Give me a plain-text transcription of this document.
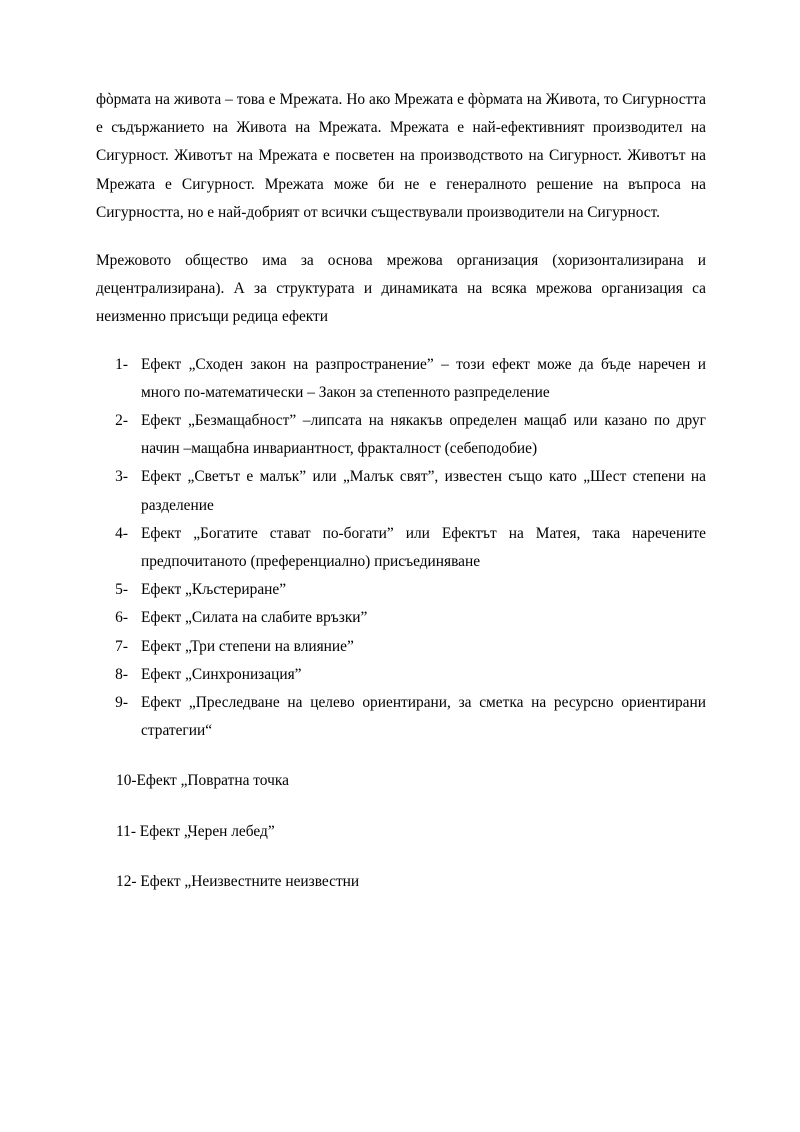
фòрмата на живота – това е Мрежата. Но ако Мрежата е фòрмата на Живота, то Сигурността е съдържанието на Живота на Мрежата. Мрежата е най-ефективният производител на Сигурност. Животът на Мрежата е посветен на производството на Сигурност. Животът на Мрежата е Сигурност. Мрежата може би не е генералното решение на въпроса на Сигурността, но е най-добрият от всички съществували производители на Сигурност.

Мрежовото общество има за основа мрежова организация (хоризонтализирана и децентрализирана). А за структурата и динамиката на всяка мрежова организация са неизменно присъщи редица ефекти

1- Ефект „Сходен закон на разпространение” – този ефект може да бъде наречен и много по-математически – Закон за степенното разпределение
2- Ефект „Безмащабност” –липсата на някакъв определен мащаб или казано по друг начин –мащабна инвариантност, фракталност (себеподобие)
3- Ефект „Светът е малък” или „Малък свят”, известен също като „Шест степени на разделение
4- Ефект „Богатите стават по-богати” или Ефектът на Матея, така наречените предпочитаното (преференциално) присъединяване
5- Ефект „Кљстериране”
6- Ефект „Силата на слабите връзки”
7- Ефект „Три степени на влияние”
8- Ефект „Синхронизация”
9- Ефект „Преследване на целево ориентирани, за сметка на ресурсно ориентирани стратегии“
10- Ефект „Повратна точка
11- Ефект „Черен лебед”
12- Ефект „Неизвестните неизвестни
